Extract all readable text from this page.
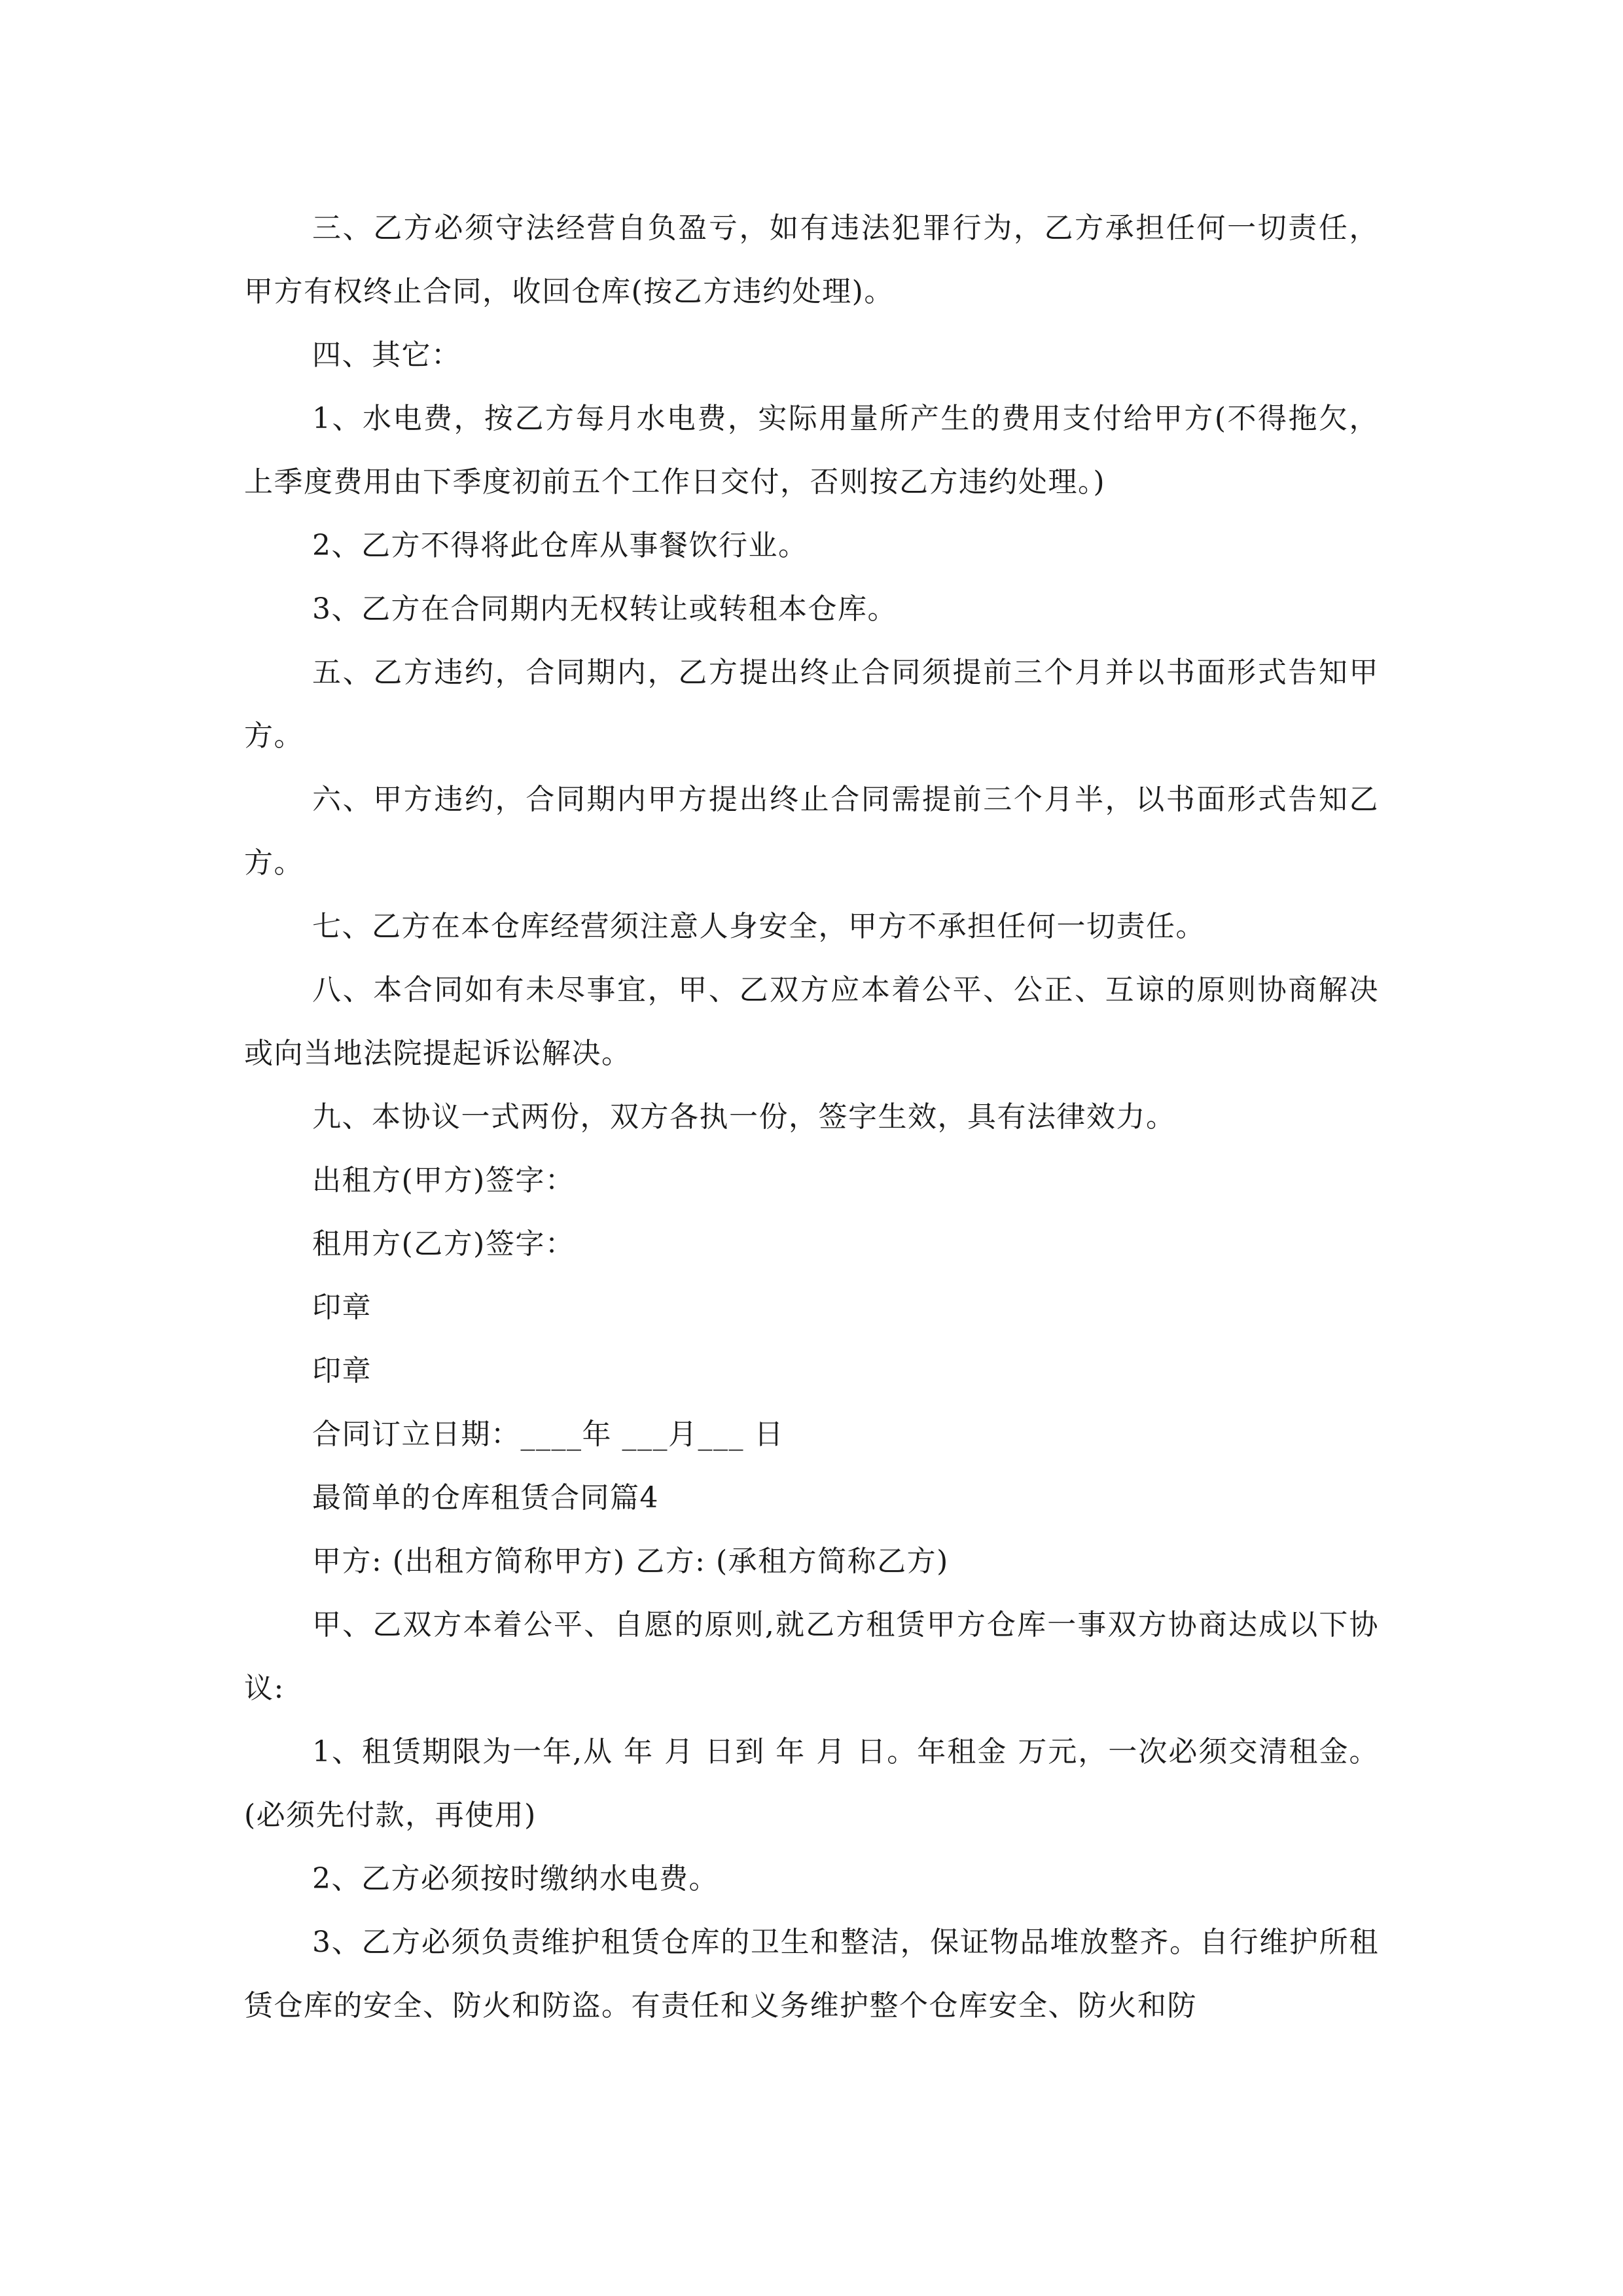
三、乙方必须守法经营自负盈亏，如有违法犯罪行为，乙方承担任何一切责任，甲方有权终止合同，收回仓库(按乙方违约处理)。

四、其它：

1、水电费，按乙方每月水电费，实际用量所产生的费用支付给甲方(不得拖欠，上季度费用由下季度初前五个工作日交付，否则按乙方违约处理。)

2、乙方不得将此仓库从事餐饮行业。

3、乙方在合同期内无权转让或转租本仓库。

五、乙方违约，合同期内，乙方提出终止合同须提前三个月并以书面形式告知甲方。

六、甲方违约，合同期内甲方提出终止合同需提前三个月半，以书面形式告知乙方。

七、乙方在本仓库经营须注意人身安全，甲方不承担任何一切责任。

八、本合同如有未尽事宜，甲、乙双方应本着公平、公正、互谅的原则协商解决或向当地法院提起诉讼解决。

九、本协议一式两份，双方各执一份，签字生效，具有法律效力。

出租方(甲方)签字：

租用方(乙方)签字：

印章

印章

合同订立日期：____年 ___月___ 日

最简单的仓库租赁合同篇4

甲方: (出租方简称甲方) 乙方: (承租方简称乙方)

甲、乙双方本着公平、自愿的原则,就乙方租赁甲方仓库一事双方协商达成以下协议:

1、租赁期限为一年,从 年 月 日到 年 月 日。年租金 万元，一次必须交清租金。(必须先付款，再使用)

2、乙方必须按时缴纳水电费。

3、乙方必须负责维护租赁仓库的卫生和整洁，保证物品堆放整齐。自行维护所租赁仓库的安全、防火和防盗。有责任和义务维护整个仓库安全、防火和防
